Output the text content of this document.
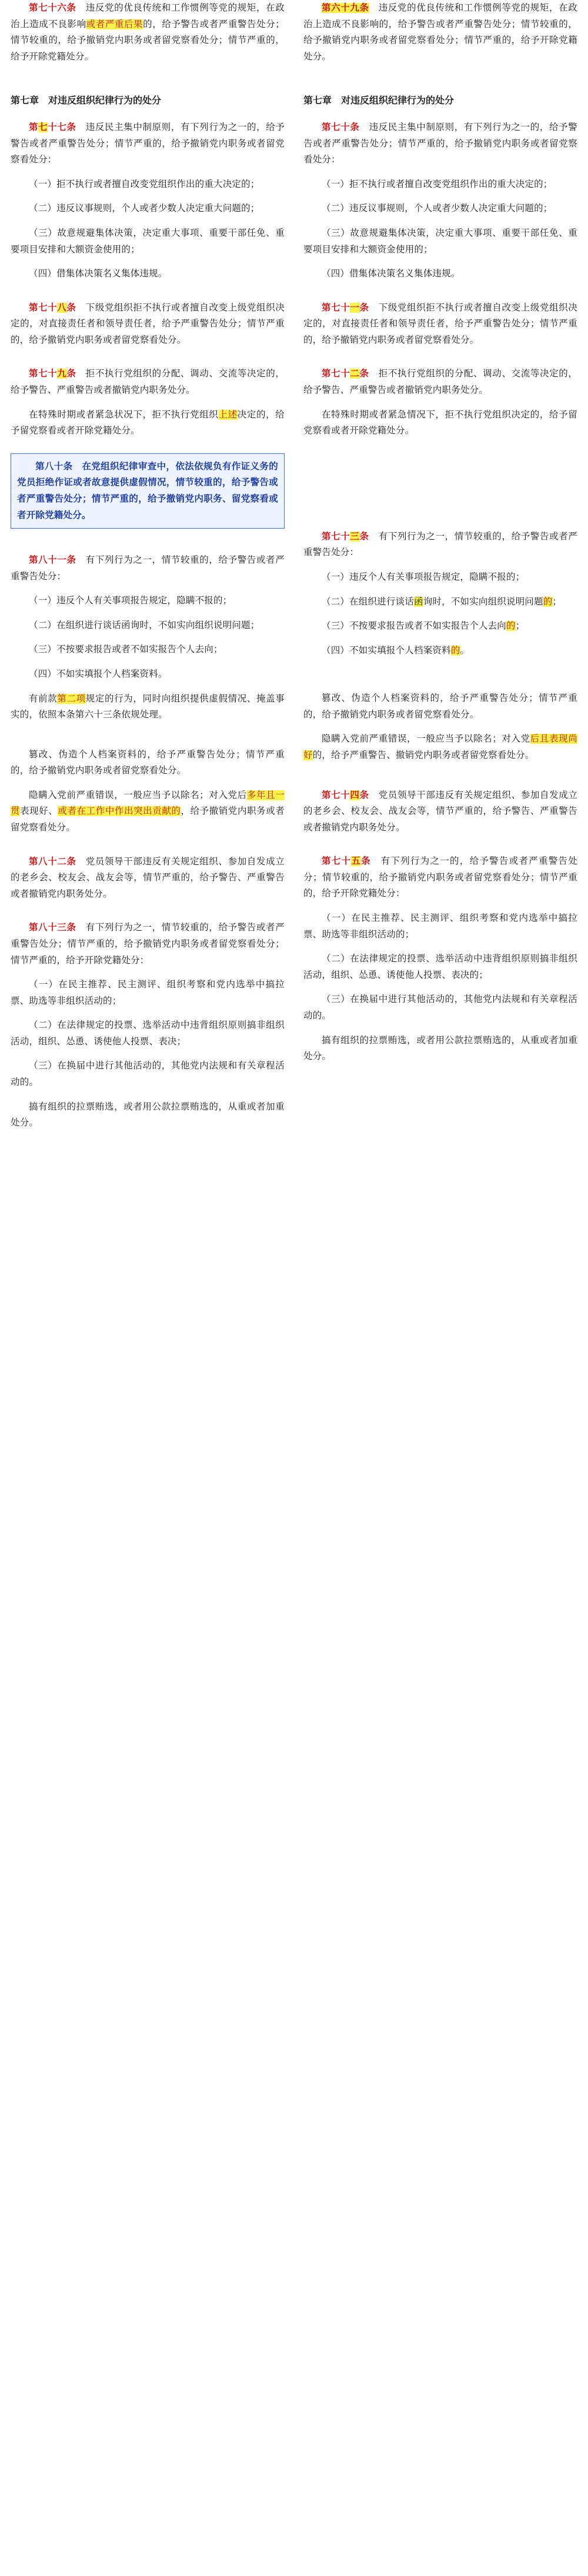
第七十六条　违反党的优良传统和工作惯例等党的规矩，在政治上造成不良影响或者严重后果的，给予警告或者严重警告处分；情节较重的，给予撤销党内职务或者留党察看处分；情节严重的，给予开除党籍处分。

第七章　对违反组织纪律行为的处分

第七十七条　违反民主集中制原则，有下列行为之一的，给予警告或者严重警告处分；情节严重的，给予撤销党内职务或者留党察看处分：

（一）拒不执行或者擅自改变党组织作出的重大决定的；

（二）违反议事规则，个人或者少数人决定重大问题的；

（三）故意规避集体决策，决定重大事项、重要干部任免、重要项目安排和大额资金使用的；

（四）借集体决策名义集体违规。

第七十八条　下级党组织拒不执行或者擅自改变上级党组织决定的，对直接责任者和领导责任者，给予严重警告处分；情节严重的，给予撤销党内职务或者留党察看处分。

第七十九条　拒不执行党组织的分配、调动、交流等决定的，给予警告、严重警告或者撤销党内职务处分。

在特殊时期或者紧急状况下，拒不执行党组织上述决定的，给予留党察看或者开除党籍处分。

第八十条　在党组织纪律审查中，依法依规负有作证义务的党员拒绝作证或者故意提供虚假情况，情节较重的，给予警告或者严重警告处分；情节严重的，给予撤销党内职务、留党察看或者开除党籍处分。

第八十一条　有下列行为之一，情节较重的，给予警告或者严重警告处分：

（一）违反个人有关事项报告规定，隐瞒不报的；

（二）在组织进行谈话函询时，不如实向组织说明问题；

（三）不按要求报告或者不如实报告个人去向；

（四）不如实填报个人档案资料。

有前款第二项规定的行为，同时向组织提供虚假情况、掩盖事实的，依照本条第六十三条依规处理。

篡改、伪造个人档案资料的，给予严重警告处分；情节严重的，给予撤销党内职务或者留党察看处分。

隐瞒入党前严重错误，一般应当予以除名；对入党后多年且一贯表现好、或者在工作中作出突出贡献的，给予撤销党内职务或者留党察看处分。

第八十二条　党员领导干部违反有关规定组织、参加自发成立的老乡会、校友会、战友会等，情节严重的，给予警告、严重警告或者撤销党内职务处分。

第八十三条　有下列行为之一，情节较重的，给予警告或者严重警告处分；情节严重的，给予撤销党内职务或者留党察看处分；情节严重的，给予开除党籍处分：

（一）在民主推荐、民主测评、组织考察和党内选举中搞拉票、助选等非组织活动的；

（二）在法律规定的投票、选举活动中违背组织原则搞非组织活动，组织、怂恿、诱使他人投票、表决；

（三）在换届中进行其他活动的，其他党内法规和有关章程活动的。

搞有组织的拉票贿选，或者用公款拉票贿选的，从重或者加重处分。

第六十九条　违反党的优良传统和工作惯例等党的规矩，在政治上造成不良影响的，给予警告或者严重警告处分；情节较重的，给予撤销党内职务或者留党察看处分；情节严重的，给予开除党籍处分。

第七章　对违反组织纪律行为的处分

第七十条　违反民主集中制原则，有下列行为之一的，给予警告或者严重警告处分；情节严重的，给予撤销党内职务或者留党察看处分：

（一）拒不执行或者擅自改变党组织作出的重大决定的；

（二）违反议事规则，个人或者少数人决定重大问题的；

（三）故意规避集体决策，决定重大事项、重要干部任免、重要项目安排和大额资金使用的；

（四）借集体决策名义集体违规。

第七十一条　下级党组织拒不执行或者擅自改变上级党组织决定的，对直接责任者和领导责任者，给予严重警告处分；情节严重的，给予撤销党内职务或者留党察看处分。

第七十二条　拒不执行党组织的分配、调动、交流等决定的，给予警告、严重警告或者撤销党内职务处分。

在特殊时期或者紧急情况下，拒不执行党组织决定的，给予留党察看或者开除党籍处分。

第七十三条　有下列行为之一，情节较重的，给予警告或者严重警告处分：

（一）违反个人有关事项报告规定，隐瞒不报的；

（二）在组织进行谈话函询时，不如实向组织说明问题的；

（三）不按要求报告或者不如实报告个人去向的；

（四）不如实填报个人档案资料的。

篡改、伪造个人档案资料的，给予严重警告处分；情节严重的，给予撤销党内职务或者留党察看处分。

隐瞒入党前严重错误，一般应当予以除名；对入党后且表现尚好的，给予严重警告、撤销党内职务或者留党察看处分。

第七十四条　党员领导干部违反有关规定组织、参加自发成立的老乡会、校友会、战友会等，情节严重的，给予警告、严重警告或者撤销党内职务处分。

第七十五条　有下列行为之一的，给予警告或者严重警告处分；情节较重的，给予撤销党内职务或者留党察看处分；情节严重的，给予开除党籍处分：

（一）在民主推荐、民主测评、组织考察和党内选举中搞拉票、助选等非组织活动的；

（二）在法律规定的投票、选举活动中违背组织原则搞非组织活动，组织、怂恿、诱使他人投票、表决的；

（三）在换届中进行其他活动的，其他党内法规和有关章程活动的。

搞有组织的拉票贿选，或者用公款拉票贿选的，从重或者加重处分。
